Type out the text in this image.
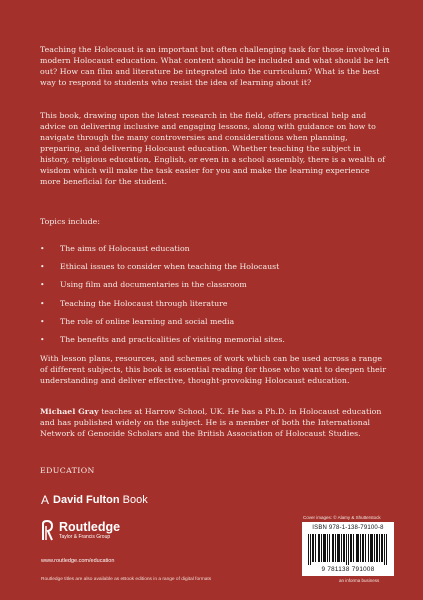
Teaching the Holocaust is an important but often challenging task for those involved in modern Holocaust education. What content should be included and what should be left out? How can film and literature be integrated into the curriculum? What is the best way to respond to students who resist the idea of learning about it?

This book, drawing upon the latest research in the field, offers practical help and advice on delivering inclusive and engaging lessons, along with guidance on how to navigate through the many controversies and considerations when planning, preparing, and delivering Holocaust education. Whether teaching the subject in history, religious education, English, or even in a school assembly, there is a wealth of wisdom which will make the task easier for you and make the learning experience more beneficial for the student.

Topics include:

• The aims of Holocaust education
• Ethical issues to consider when teaching the Holocaust
• Using film and documentaries in the classroom
• Teaching the Holocaust through literature
• The role of online learning and social media
• The benefits and practicalities of visiting memorial sites.

With lesson plans, resources, and schemes of work which can be used across a range of different subjects, this book is essential reading for those who want to deepen their understanding and deliver effective, thought-provoking Holocaust education.

Michael Gray teaches at Harrow School, UK. He has a Ph.D. in Holocaust education and has published widely on the subject. He is a member of both the International Network of Genocide Scholars and the British Association of Holocaust Studies.

EDUCATION

A David Fulton Book
Routledge
Taylor & Francis Group
www.routledge.com/education
Routledge titles are also available as eBook editions in a range of digital formats
Cover images: © Alamy & Shutterstock
ISBN 978-1-138-79100-8
9 781138 791008
an informa business
